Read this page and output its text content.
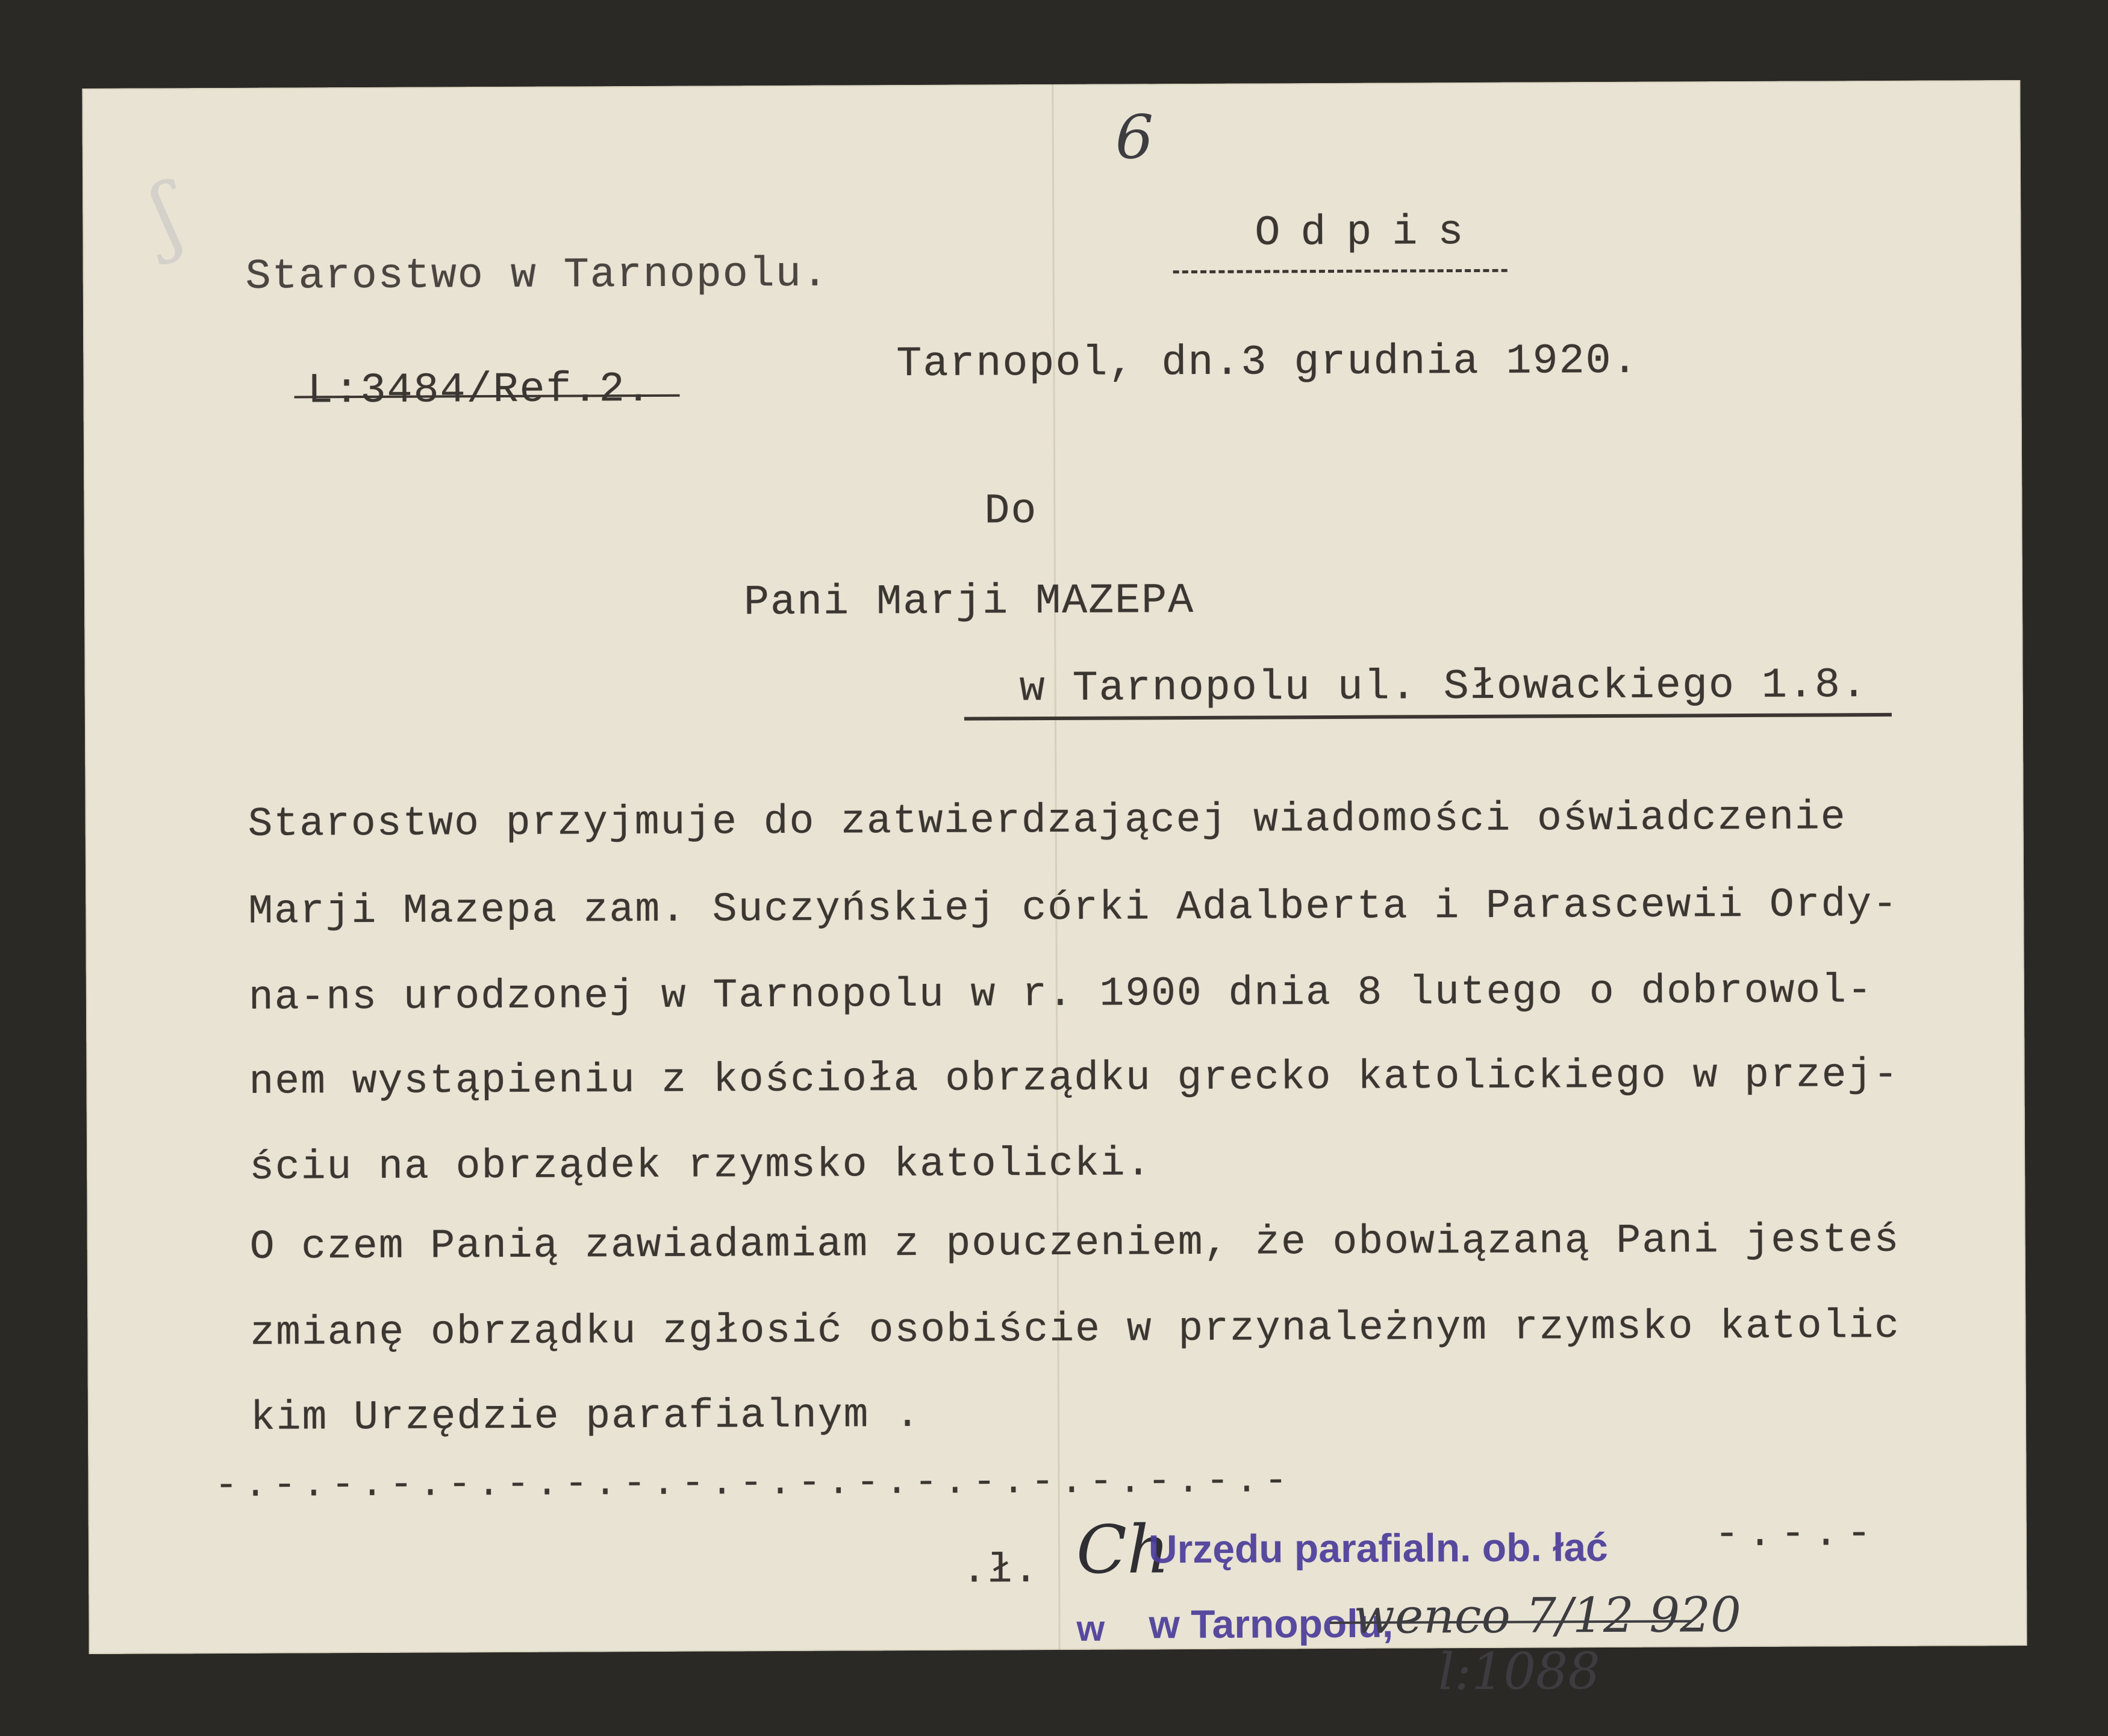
ʃ
6
Starostwo w Tarnopolu.
Odpis
L:3484/Ref.2.
Tarnopol, dn.3 grudnia 1920.
Do
Pani Marji MAZEPA
w Tarnopolu ul. Słowackiego 1.8.
Starostwo przyjmuje do zatwierdzającej wiadomości oświadczenie
Marji Mazepa zam. Suczyńskiej córki Adalberta i Parascewii Ordy-
na-ns urodzonej w Tarnopolu w r. 1900 dnia 8 lutego o dobrowol-
nem wystąpieniu z kościoła obrządku grecko katolickiego w przej-
ściu na obrządek rzymsko katolicki.
O czem Panią zawiadamiam z pouczeniem, że obowiązaną Pani jesteś
zmianę obrządku zgłosić osobiście w przynależnym rzymsko katolic
kim Urzędzie parafialnym .
-.-.-.-.-.-.-.-.-.-.-.-.-.-.-.-.-.-.-
.ł. Ch
Urzędu parafialn. ob. łać	-.-.-
w w Tarnopolu,
wenco 7/12 920
l:1088
